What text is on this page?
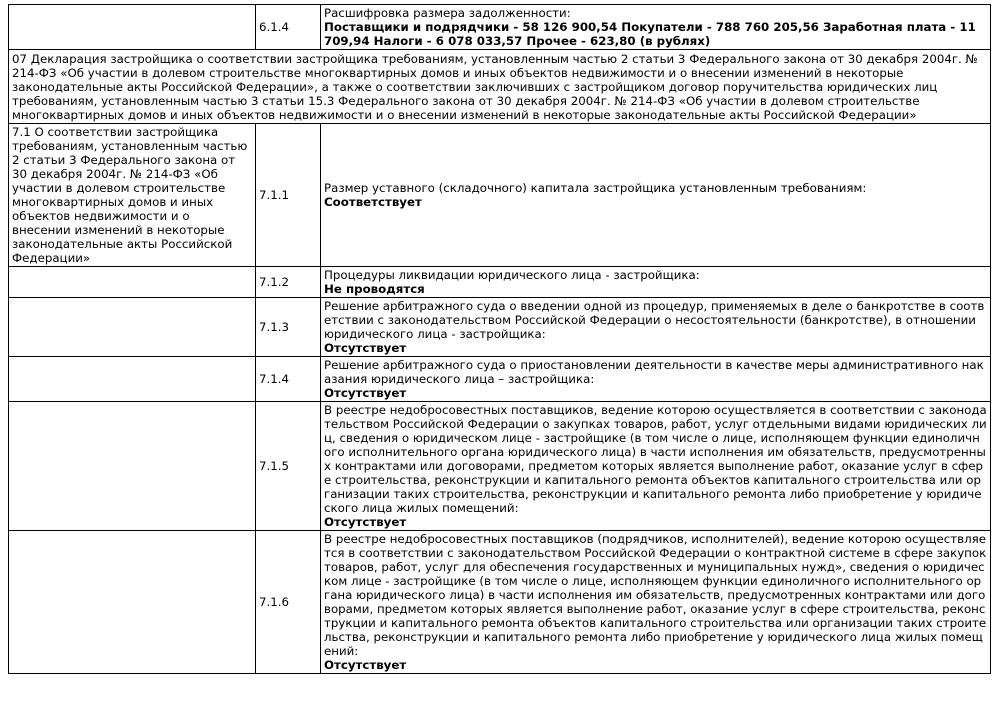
	6.1.4	Расшифровка размера задолженности:
Поставщики и подрядчики - 58 126 900,54 Покупатели - 788 760 205,56 Заработная плата - 11 709,94 Налоги - 6 078 033,57 Прочее - 623,80 (в рублях)

07 Декларация застройщика о соответствии застройщика требованиям, установленным частью 2 статьи 3 Федерального закона от 30 декабря 2004г. № 214-ФЗ «Об участии в долевом строительстве многоквартирных домов и иных объектов недвижимости и о внесении изменений в некоторые законодательные акты Российской Федерации», а также о соответствии заключивших с застройщиком договор поручительства юридических лиц требованиям, установленным частью 3 статьи 15.3 Федерального закона от 30 декабря 2004г. № 214-ФЗ «Об участии в долевом строительстве многоквартирных домов и иных объектов недвижимости и о внесении изменений в некоторые законодательные акты Российской Федерации»		
7.1 О соответствии застройщика требованиям, установленным частью 2 статьи 3 Федерального закона от 30 декабря 2004г. № 214-ФЗ «Об участии в долевом строительстве многоквартирных домов и иных объектов недвижимости и о внесении изменений в некоторые законодательные акты Российской Федерации»	7.1.1	Размер уставного (складочного) капитала застройщика установленным требованиям:
Соответствует

	7.1.2	Процедуры ликвидации юридического лица - застройщика:
Не проводятся

	7.1.3	Решение арбитражного суда о введении одной из процедур, применяемых в деле о банкротстве в соответствии с законодательством Российской Федерации о несостоятельности (банкротстве), в отношении юридического лица - застройщика:
Отсутствует

	7.1.4	Решение арбитражного суда о приостановлении деятельности в качестве меры административного наказания юридического лица – застройщика:
Отсутствует

	7.1.5	В реестре недобросовестных поставщиков, ведение которою осуществляется в соответствии с законодательством Российской Федерации о закупках товаров, работ, услуг отдельными видами юридических лиц, сведения о юридическом лице - застройщике (в том числе о лице, исполняющем функции единоличного исполнительного органа юридического лица) в части исполнения им обязательств, предусмотренных контрактами или договорами, предметом которых является выполнение работ, оказание услуг в сфере строительства, реконструкции и капитального ремонта объектов капитального строительства или организации таких строительства, реконструкции и капитального ремонта либо приобретение у юридического лица жилых помещений:
Отсутствует

	7.1.6	В реестре недобросовестных поставщиков (подрядчиков, исполнителей), ведение которою осуществляется в соответствии с законодательством Российской Федерации о контрактной системе в сфере закупок товаров, работ, услуг для обеспечения государственных и муниципальных нужд», сведения о юридическом лице - застройщике (в том числе о лице, исполняющем функции единоличного исполнительного органа юридического лица) в части исполнения им обязательств, предусмотренных контрактами или договорами, предметом которых является выполнение работ, оказание услуг в сфере строительства, реконструкции и капитального ремонта объектов капитального строительства или организации таких строительства, реконструкции и капитального ремонта либо приобретение у юридического лица жилых помещений:
Отсутствует
